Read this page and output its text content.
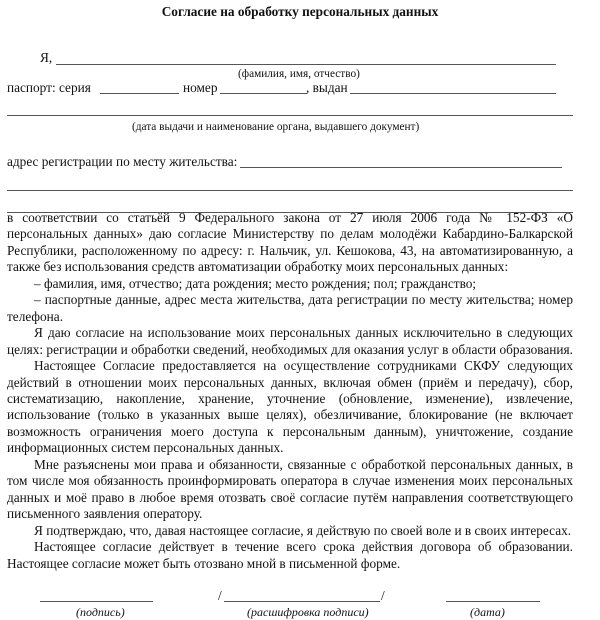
Согласие на обработку персональных данных
Я,
(фамилия, имя, отчество)
паспорт: серия	номер	, выдан
(дата выдачи и наименование органа, выдавшего документ)
адрес регистрации по месту жительства:

в соответствии со статьёй 9 Федерального закона от 27 июля 2006 года № 152-ФЗ «О персональных данных» даю согласие Министерству по делам молодёжи Кабардино-Балкарской Республики, расположенному по адресу: г. Нальчик, ул. Кешокова, 43, на автоматизированную, а также без использования средств автоматизации обработку моих персональных данных:

– фамилия, имя, отчество; дата рождения; место рождения; пол; гражданство;

– паспортные данные, адрес места жительства, дата регистрации по месту жительства; номер телефона.

Я даю согласие на использование моих персональных данных исключительно в следующих целях: регистрации и обработки сведений, необходимых для оказания услуг в области образования.

Настоящее Согласие предоставляется на осуществление сотрудниками СКФУ следующих действий в отношении моих персональных данных, включая обмен (приём и передачу), сбор, систематизацию, накопление, хранение, уточнение (обновление, изменение), извлечение, использование (только в указанных выше целях), обезличивание, блокирование (не включает возможность ограничения моего доступа к персональным данным), уничтожение, создание информационных систем персональных данных.

Мне разъяснены мои права и обязанности, связанные с обработкой персональных данных, в том числе моя обязанность проинформировать оператора в случае изменения моих персональных данных и моё право в любое время отозвать своё согласие путём направления соответствующего письменного заявления оператору.

Я подтверждаю, что, давая настоящее согласие, я действую по своей воле и в своих интересах.

Настоящее согласие действует в течение всего срока действия договора об образовании. Настоящее согласие может быть отозвано мной в письменной форме.

(подпись)
/	/
(расшифровка подписи)	(дата)
